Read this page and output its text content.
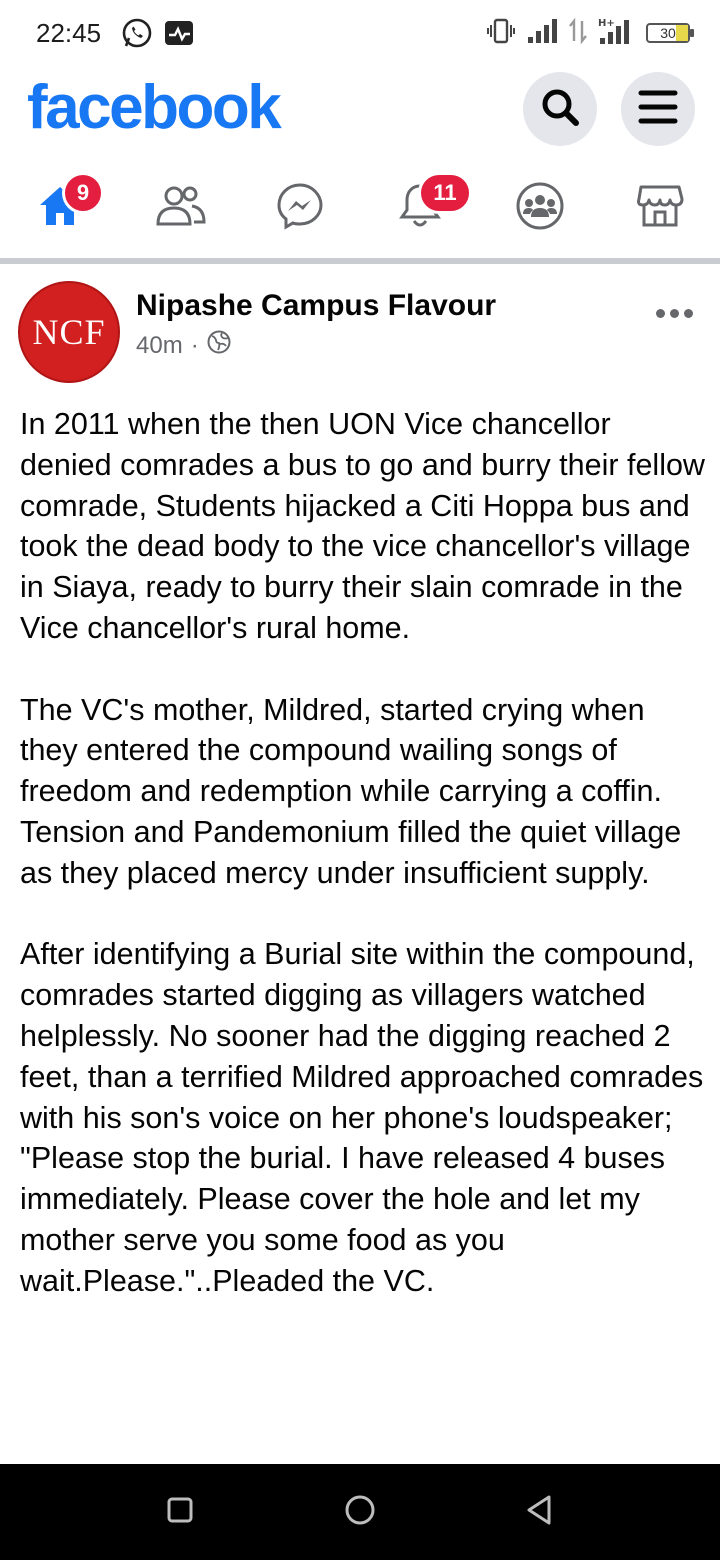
22:45	H+
30
facebook
9	11
NCF
Nipashe Campus Flavour
40m ·

In 2011 when the then UON Vice chancellor denied comrades a bus to go and burry their fellow comrade, Students hijacked a Citi Hoppa bus and took the dead body to the vice chancellor's village in Siaya, ready to burry their slain comrade in the Vice chancellor's rural home.

The VC's mother, Mildred, started crying when they entered the compound wailing songs of freedom and redemption while carrying a coffin. Tension and Pandemonium filled the quiet village as they placed mercy under insufficient supply.

After identifying a Burial site within the compound, comrades started digging as villagers watched helplessly. No sooner had the digging reached 2 feet, than a terrified Mildred approached comrades with his son's voice on her phone's loudspeaker; "Please stop the burial. I have released 4 buses immediately. Please cover the hole and let my mother serve you some food as you wait.Please."..Pleaded the VC.
